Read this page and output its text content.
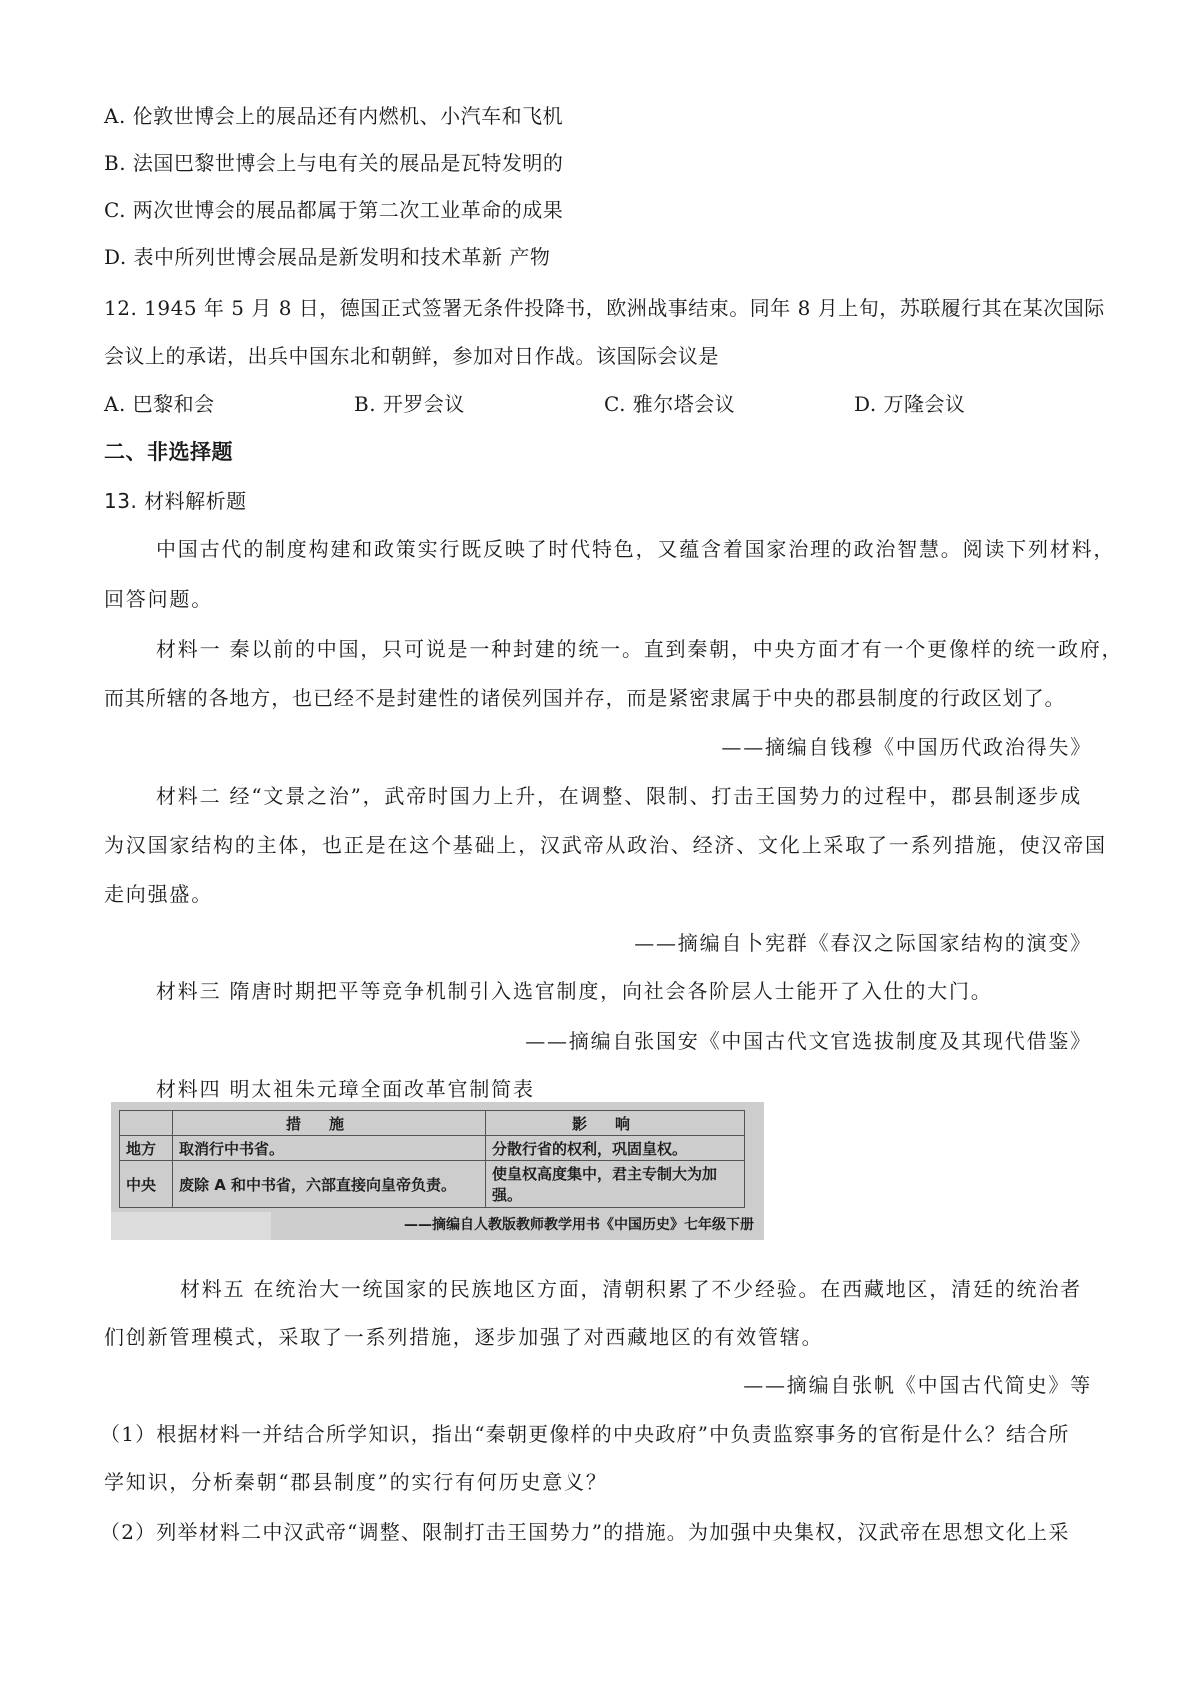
A. 伦敦世博会上的展品还有内燃机、小汽车和飞机
B. 法国巴黎世博会上与电有关的展品是瓦特发明的
C. 两次世博会的展品都属于第二次工业革命的成果
D. 表中所列世博会展品是新发明和技术革新 产物
12. 1945 年 5 月 8 日，德国正式签署无条件投降书，欧洲战事结束。同年 8 月上旬，苏联履行其在某次国际
会议上的承诺，出兵中国东北和朝鲜，参加对日作战。该国际会议是
A. 巴黎和会	B. 开罗会议	C. 雅尔塔会议	D. 万隆会议
二、非选择题
13. 材料解析题
中国古代的制度构建和政策实行既反映了时代特色，又蕴含着国家治理的政治智慧。阅读下列材料，
回答问题。
材料一 秦以前的中国，只可说是一种封建的统一。直到秦朝，中央方面才有一个更像样的统一政府，
而其所辖的各地方，也已经不是封建性的诸侯列国并存，而是紧密隶属于中央的郡县制度的行政区划了。
——摘编自钱穆《中国历代政治得失》
材料二 经“文景之治”，武帝时国力上升，在调整、限制、打击王国势力的过程中，郡县制逐步成
为汉国家结构的主体，也正是在这个基础上，汉武帝从政治、经济、文化上采取了一系列措施，使汉帝国
走向强盛。
——摘编自卜宪群《春汉之际国家结构的演变》
材料三 隋唐时期把平等竞争机制引入选官制度，向社会各阶层人士能开了入仕的大门。
——摘编自张国安《中国古代文官选拔制度及其现代借鉴》
材料四 明太祖朱元璋全面改革官制简表
	措施	影响
地方	取消行中书省。	分散行省的权利，巩固皇权。
中央	废除 A 和中书省，六部直接向皇帝负责。	使皇权高度集中，君主专制大为加强。
——摘编自人教版教师教学用书《中国历史》七年级下册
材料五 在统治大一统国家的民族地区方面，清朝积累了不少经验。在西藏地区，清廷的统治者
们创新管理模式，采取了一系列措施，逐步加强了对西藏地区的有效管辖。
——摘编自张帆《中国古代简史》等
（1）根据材料一并结合所学知识，指出“秦朝更像样的中央政府”中负责监察事务的官衔是什么？结合所
学知识，分析秦朝“郡县制度”的实行有何历史意义？
（2）列举材料二中汉武帝“调整、限制打击王国势力”的措施。为加强中央集权，汉武帝在思想文化上采
